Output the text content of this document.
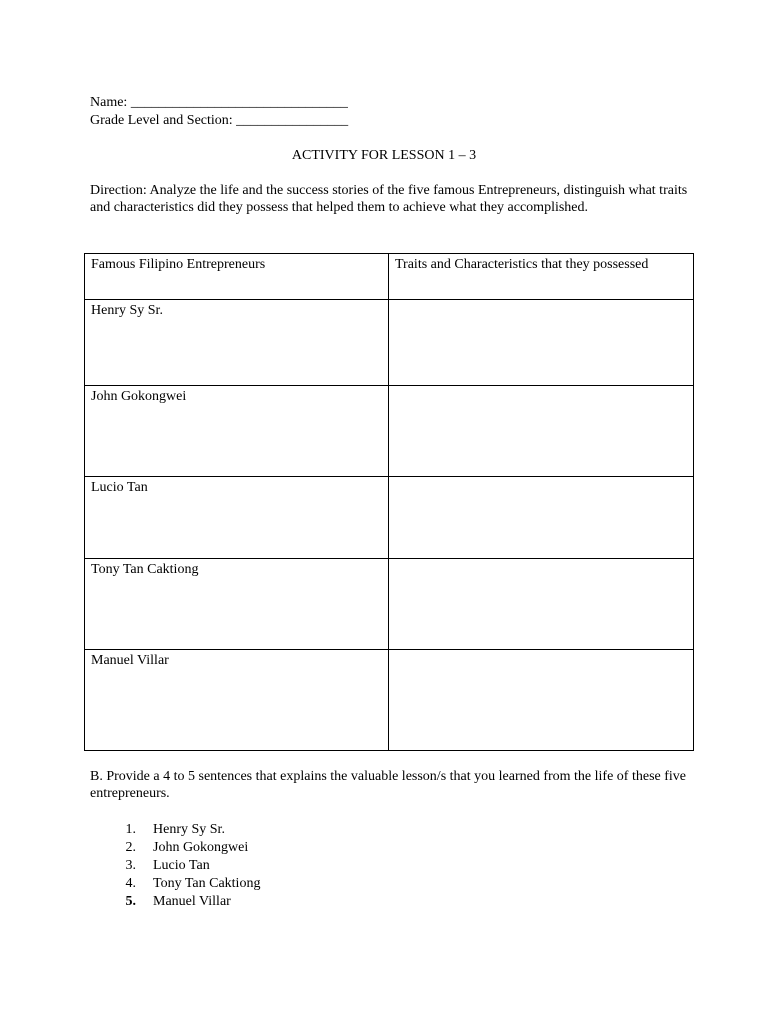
Name: _______________________________
Grade Level and Section: ________________
ACTIVITY FOR LESSON 1 – 3
Direction: Analyze the life and the success stories of the five famous Entrepreneurs, distinguish what traits and characteristics did they possess that helped them to achieve what they accomplished.
Famous Filipino Entrepreneurs	Traits and Characteristics that they possessed
Henry Sy Sr.	
John Gokongwei	
Lucio Tan	
Tony Tan Caktiong	
Manuel Villar	
B. Provide a 4 to 5 sentences that explains the valuable lesson/s that you learned from the life of these five entrepreneurs.
1. Henry Sy Sr.
2. John Gokongwei
3. Lucio Tan
4. Tony Tan Caktiong
5. Manuel Villar
